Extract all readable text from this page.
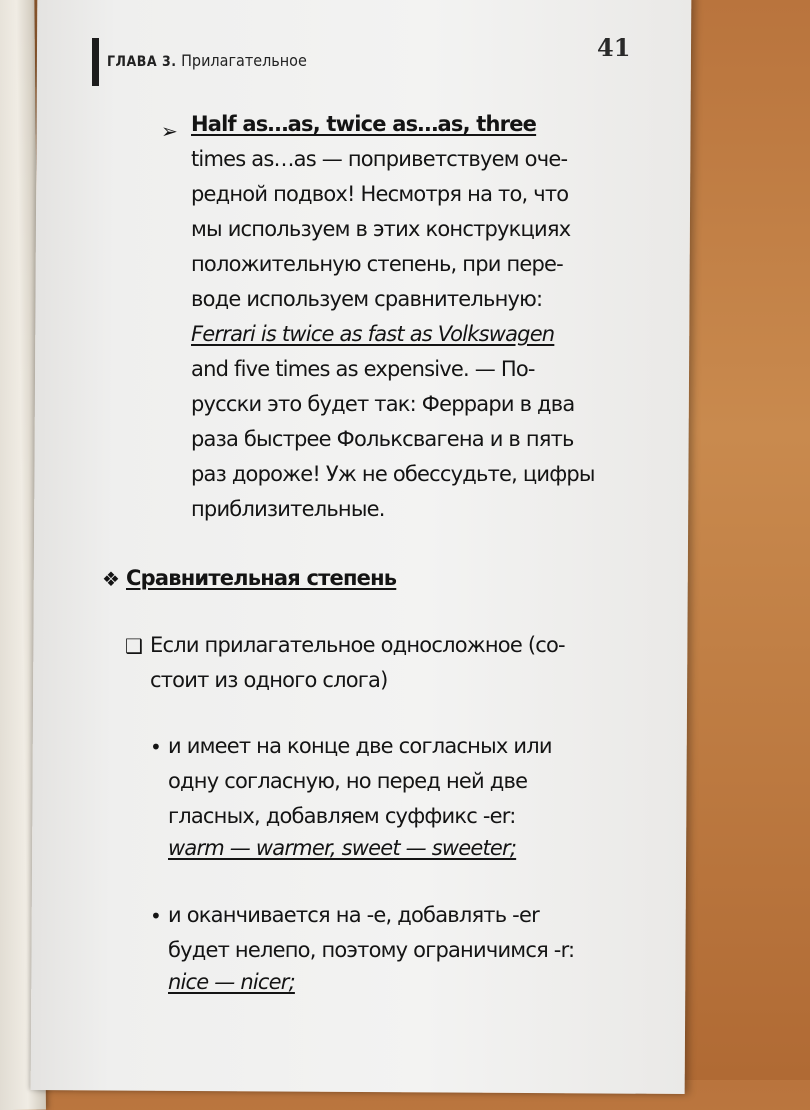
ГЛАВА 3. Прилагательное	41
➢ Half as…as, twice as…as, three
times as…as — поприветствуем оче-
редной подвох! Несмотря на то, что
мы используем в этих конструкциях
положительную степень, при пере-
воде используем сравнительную:
Ferrari is twice as fast as Volkswagen
and five times as expensive. — По-
русски это будет так: Феррари в два
раза быстрее Фольксвагена и в пять
раз дороже! Уж не обессудьте, цифры
приблизительные.
❖ Сравнительная степень
❑ Если прилагательное односложное (со-
стоит из одного слога)
• и имеет на конце две согласных или
одну согласную, но перед ней две
гласных, добавляем суффикс -er:
warm — warmer, sweet — sweeter;
• и оканчивается на -e, добавлять -er
будет нелепо, поэтому ограничимся -r:
nice — nicer;
